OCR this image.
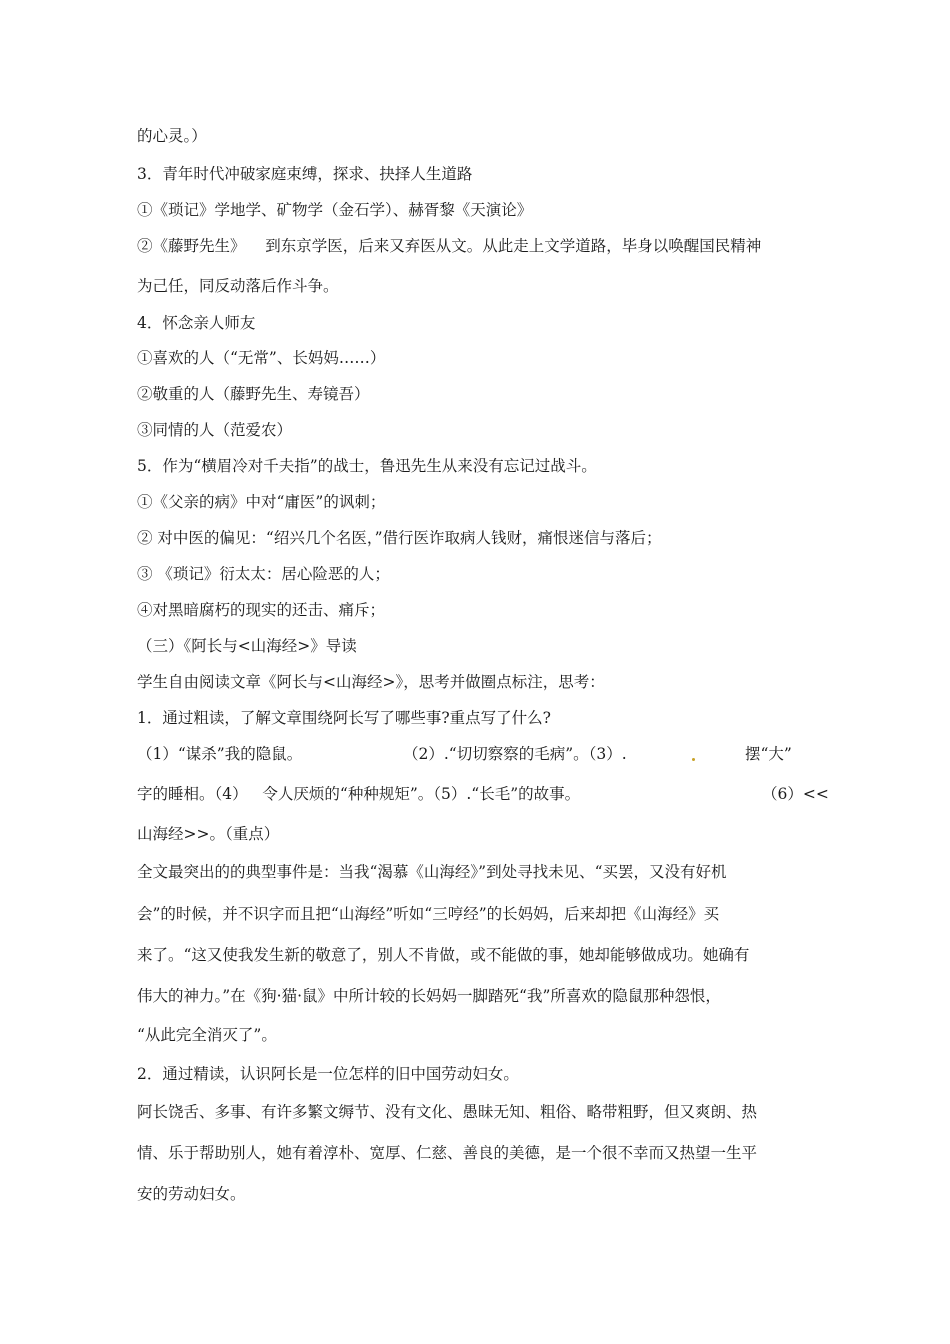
的心灵。）
3．青年时代冲破家庭束缚，探求、抉择人生道路
①《琐记》学地学、矿物学（金石学）、赫胥黎《天演论》
②《藤野先生》    到东京学医，后来又弃医从文。从此走上文学道路，毕身以唤醒国民精神
为己任，同反动落后作斗争。
4．怀念亲人师友
①喜欢的人（“无常”、长妈妈……）
②敬重的人（藤野先生、寿镜吾）
③同情的人（范爱农）
5．作为“横眉冷对千夫指”的战士，鲁迅先生从来没有忘记过战斗。
①《父亲的病》中对“庸医”的讽刺；
② 对中医的偏见：“绍兴几个名医，”借行医诈取病人钱财，痛恨迷信与落后；
③ 《琐记》衍太太：居心险恶的人；
④对黑暗腐朽的现实的还击、痛斥；
（三）《阿长与<山海经>》导读
学生自由阅读文章《阿长与<山海经>》，思考并做圈点标注，思考：
1．通过粗读，了解文章围绕阿长写了哪些事?重点写了什么?
（1）“谋杀”我的隐鼠。	（2）.“切切察察的毛病”。（3）.	摆“大”
字的睡相。（4）   令人厌烦的“种种规矩”。（5）.“长毛”的故事。	（6）<<
山海经>>。（重点）
全文最突出的的典型事件是：当我“渴慕《山海经》”到处寻找未见、“买罢，又没有好机
会”的时候，并不识字而且把“山海经”听如“三哼经”的长妈妈，后来却把《山海经》买
来了。“这又使我发生新的敬意了，别人不肯做，或不能做的事，她却能够做成功。她确有
伟大的神力。”在《狗·猫·鼠》中所计较的长妈妈一脚踏死“我”所喜欢的隐鼠那种怨恨，
“从此完全消灭了”。
2．通过精读，认识阿长是一位怎样的旧中国劳动妇女。
阿长饶舌、多事、有许多繁文缛节、没有文化、愚昧无知、粗俗、略带粗野，但又爽朗、热
情、乐于帮助别人，她有着淳朴、宽厚、仁慈、善良的美德，是一个很不幸而又热望一生平
安的劳动妇女。
